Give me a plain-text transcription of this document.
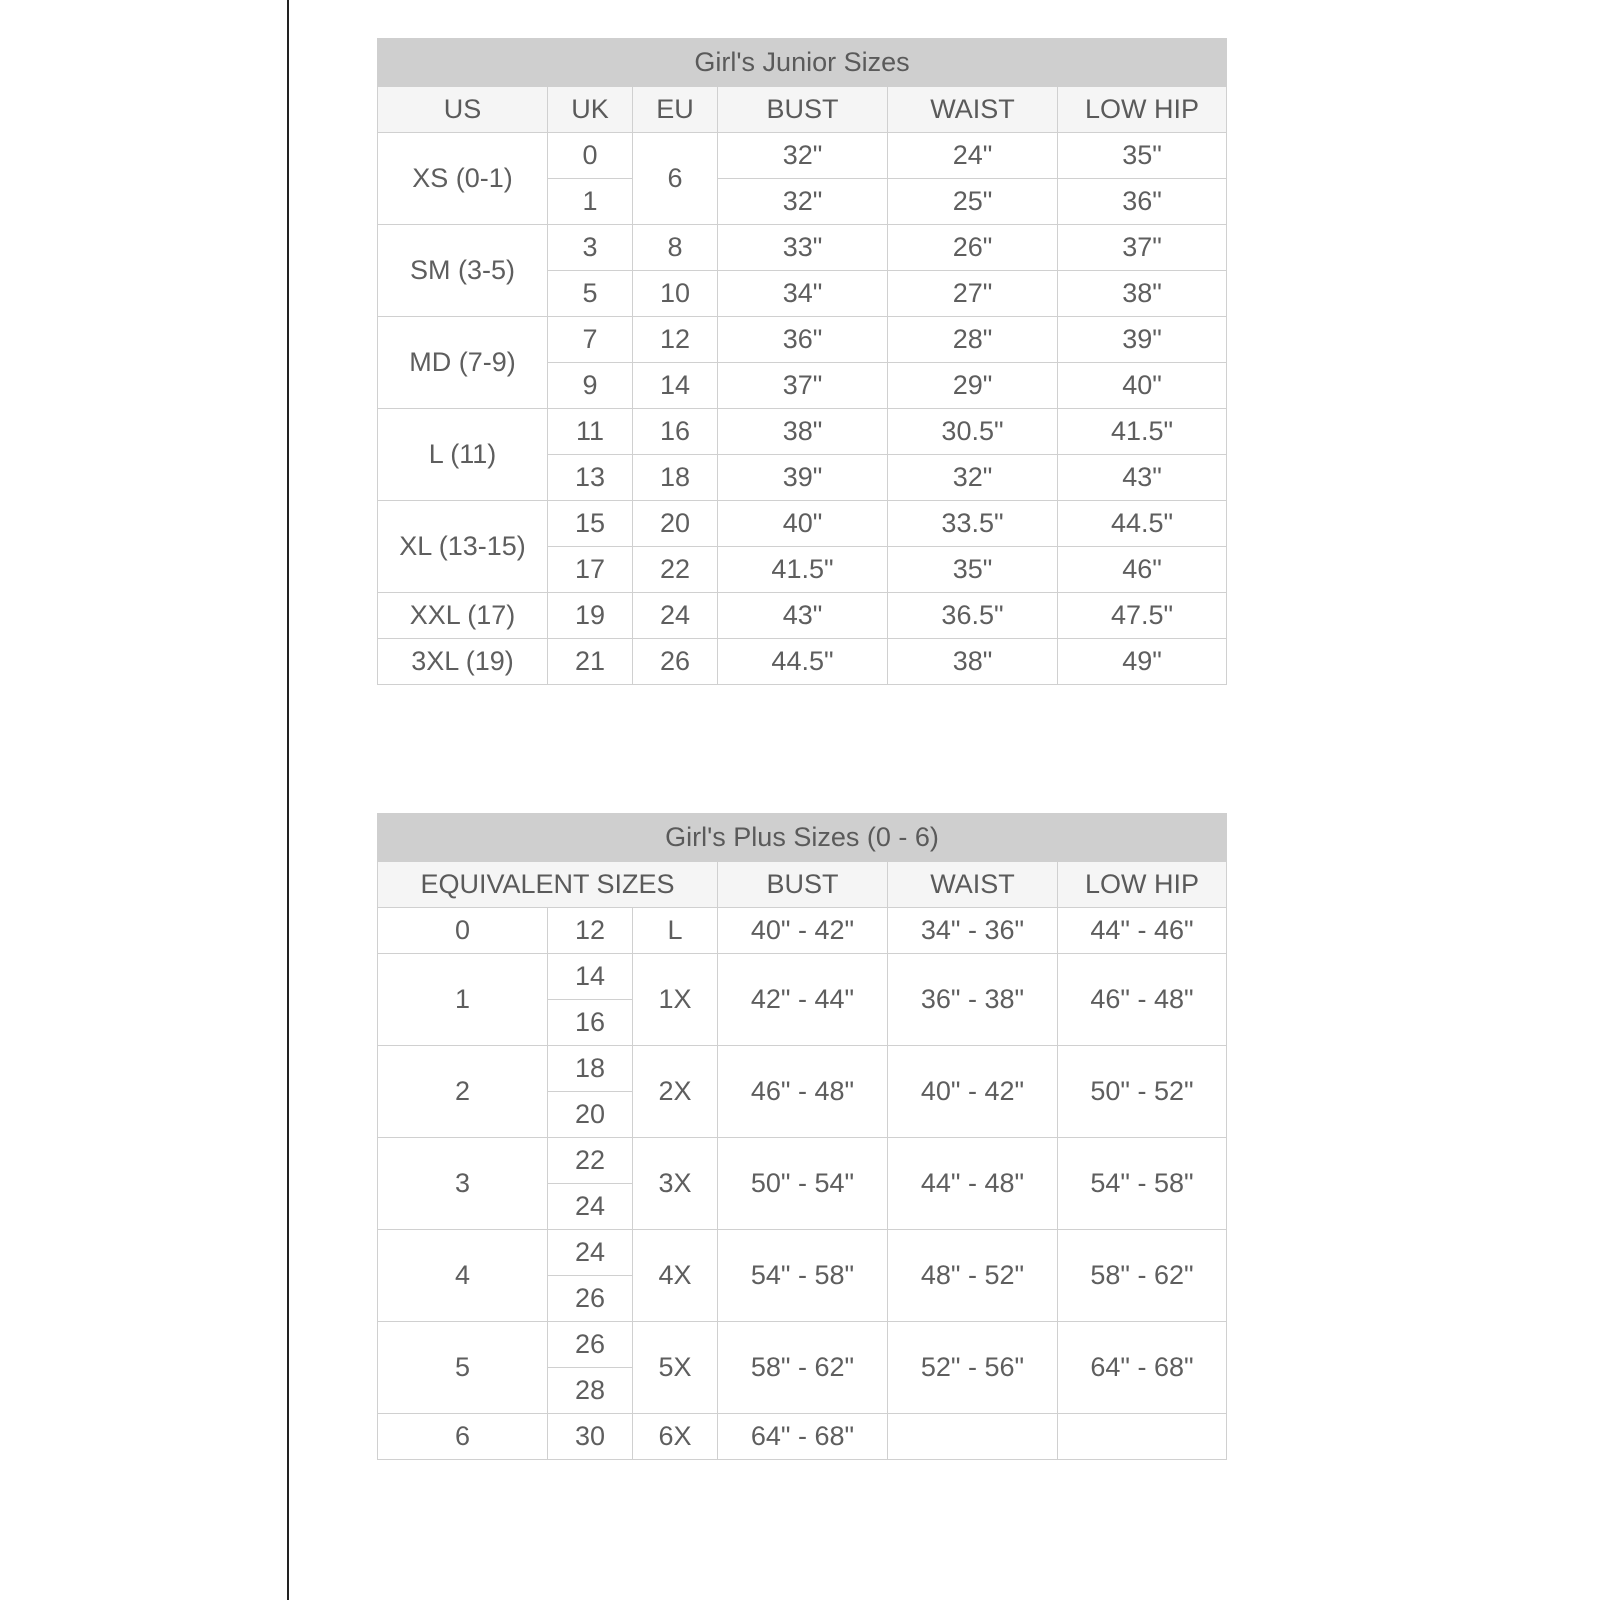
Girl's Junior Sizes					
US	UK	EU	BUST	WAIST	LOW HIP
XS (0-1)	0	6	32"	24"	35"
	1		32"	25"	36"
SM (3-5)	3	8	33"	26"	37"
	5	10	34"	27"	38"
MD (7-9)	7	12	36"	28"	39"
	9	14	37"	29"	40"
L (11)	11	16	38"	30.5"	41.5"
	13	18	39"	32"	43"
XL (13-15)	15	20	40"	33.5"	44.5"
	17	22	41.5"	35"	46"
XXL (17)	19	24	43"	36.5"	47.5"
3XL (19)	21	26	44.5"	38"	49"
Girl's Plus Sizes (0 - 6)					
EQUIVALENT SIZES			BUST	WAIST	LOW HIP
0	12	L	40" - 42"	34" - 36"	44" - 46"
1	14	1X	42" - 44"	36" - 38"	46" - 48"
	16				
2	18	2X	46" - 48"	40" - 42"	50" - 52"
	20				
3	22	3X	50" - 54"	44" - 48"	54" - 58"
	24				
4	24	4X	54" - 58"	48" - 52"	58" - 62"
	26				
5	26	5X	58" - 62"	52" - 56"	64" - 68"
	28				
6	30	6X	64" - 68"		
